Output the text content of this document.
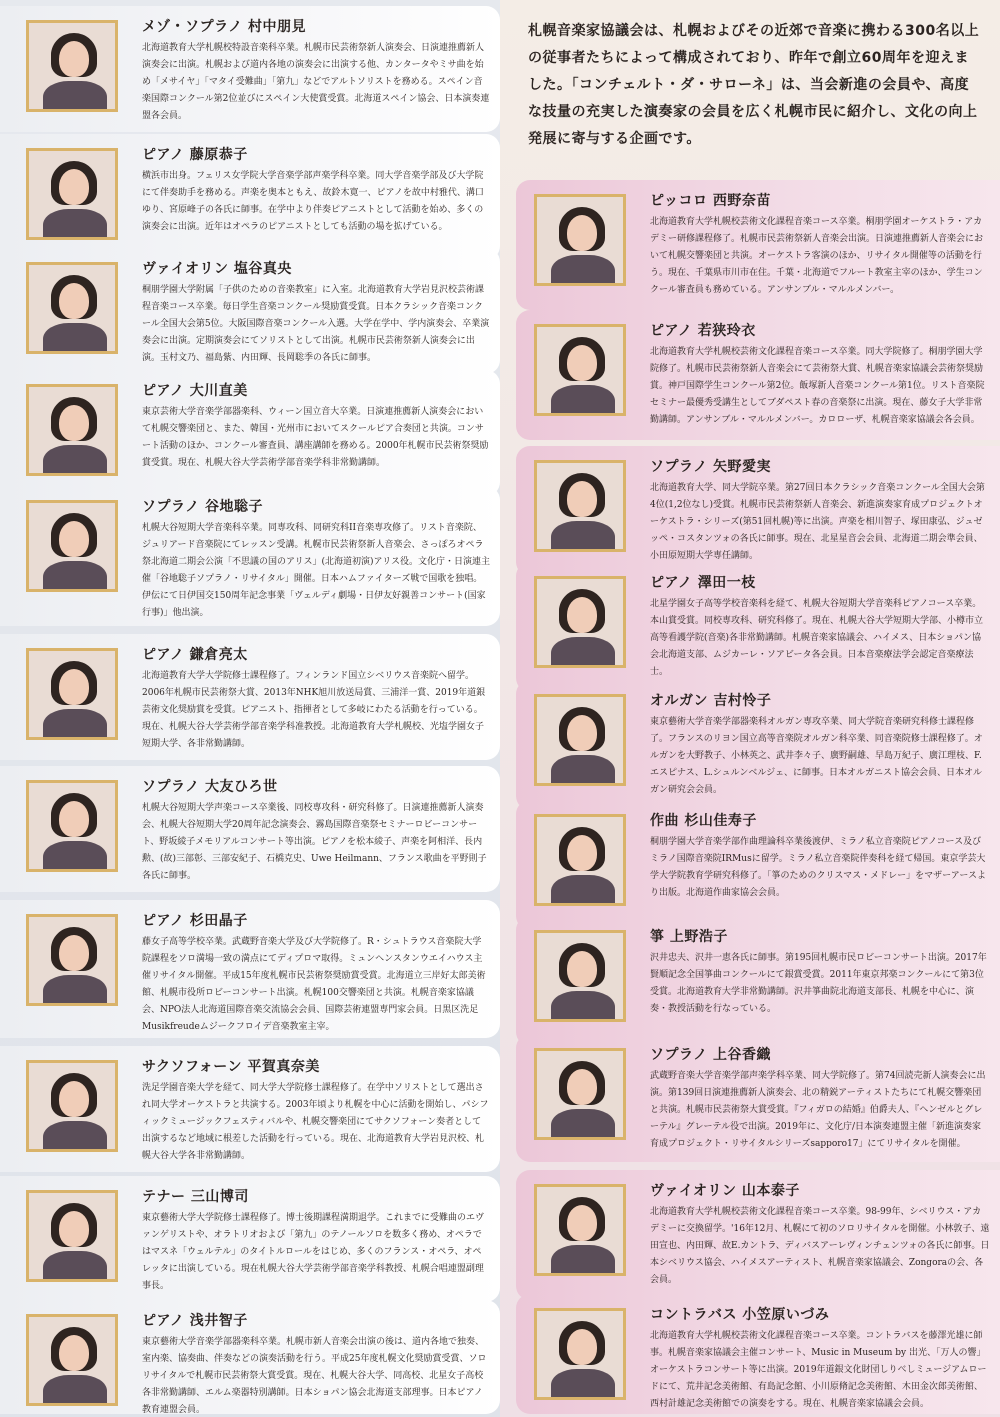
札幌音楽家協議会は、札幌およびその近郊で音楽に携わる300名以上の従事者たちによって構成されており、昨年で創立60周年を迎えました。「コンチェルト・ダ・サローネ」は、当会新進の会員や、高度な技量の充実した演奏家の会員を広く札幌市民に紹介し、文化の向上発展に寄与する企画です。
メゾ・ソプラノ 村中朋見
北海道教育大学札幌校特設音楽科卒業。札幌市民芸術祭新人演奏会、日演連推薦新人演奏会に出演。札幌および道内各地の演奏会に出演する他、カンタータやミサ曲を始め「メサイヤ」「マタイ受難曲」「第九」などでアルトソリストを務める。スペイン音楽国際コンクール第2位並びにスペイン大使賞受賞。北海道スペイン協会、日本演奏連盟各会員。
ピアノ 藤原恭子
横浜市出身。フェリス女学院大学音楽学部声楽学科卒業。同大学音楽学部及び大学院にて伴奏助手を務める。声楽を奥本ともえ、故鈴木寛一、ピアノを故中村雅代、溝口ゆり、宮原峰子の各氏に師事。在学中より伴奏ピアニストとして活動を始め、多くの演奏会に出演。近年はオペラのピアニストとしても活動の場を拡げている。
ヴァイオリン 塩谷真央
桐朋学園大学附属「子供のための音楽教室」に入室。北海道教育大学岩見沢校芸術課程音楽コース卒業。毎日学生音楽コンクール奨励賞受賞。日本クラシック音楽コンクール全国大会第5位。大阪国際音楽コンクール入選。大学在学中、学内演奏会、卒業演奏会に出演。定期演奏会にてソリストとして出演。札幌市民芸術祭新人演奏会に出演。玉村文乃、福島紫、内田輝、長岡聡季の各氏に師事。
ピアノ 大川直美
東京芸術大学音楽学部器楽科、ウィーン国立音大卒業。日演連推薦新人演奏会において札幌交響楽団と、また、韓国・光州市においてスクールピア合奏団と共演。コンサート活動のほか、コンクール審査員、講座講師を務める。2000年札幌市民芸術祭奨励賞受賞。現在、札幌大谷大学芸術学部音楽学科非常勤講師。
ソプラノ 谷地聡子
札幌大谷短期大学音楽科卒業。同専攻科、同研究科II音楽専攻修了。リスト音楽院、ジュリアード音楽院にてレッスン受講。札幌市民芸術祭新人音楽会、さっぽろオペラ祭北海道二期会公演「不思議の国のアリス」(北海道初演)アリス役。文化庁・日演連主催「谷地聡子ソプラノ・リサイタル」開催。日本ハムファイターズ戦で国歌を独唱。伊伝にて日伊国交150周年記念事業「ヴェルディ劇場・日伊友好親善コンサート(国家行事)」他出演。
ピアノ 鎌倉亮太
北海道教育大学大学院修士課程修了。フィンランド国立シベリウス音楽院へ留学。2006年札幌市民芸術祭大賞、2013年NHK旭川放送局賞、三浦洋一賞、2019年道銀芸術文化奨励賞を受賞。ピアニスト、指揮者として多岐にわたる活動を行っている。現在、札幌大谷大学芸術学部音楽学科准教授。北海道教育大学札幌校、光塩学園女子短期大学、各非常勤講師。
ソプラノ 大友ひろ世
札幌大谷短期大学声楽コース卒業後、同校専攻科・研究科修了。日演連推薦新人演奏会、札幌大谷短期大学20周年記念演奏会、霧島国際音楽祭セミナーロビーコンサート、野坂綾子メモリアルコンサート等出演。ピアノを松本綾子、声楽を阿相洋、長内勲、(故)三部彰、三部安紀子、石橋克史、Uwe Heilmann、フランス歌曲を平野則子各氏に師事。
ピアノ 杉田晶子
藤女子高等学校卒業。武蔵野音楽大学及び大学院修了。R・シュトラウス音楽院大学院課程をソロ満場一致の満点にてディプロマ取得。ミュンヘンスタンウエイハウス主催リサイタル開催。平成15年度札幌市民芸術祭奨励賞受賞。北海道立三岸好太郎美術館、札幌市役所ロビーコンサート出演。札幌100交響楽団と共演。札幌音楽家協議会、NPO法人北海道国際音楽交流協会会員、国際芸術連盟専門家会員。日黒区洗足Musikfreudeムジークフロイデ音楽教室主宰。
サクソフォーン 平賀真奈美
洗足学園音楽大学を経て、同大学大学院修士課程修了。在学中ソリストとして選出され同大学オーケストラと共演する。2003年頃より札幌を中心に活動を開始し、パシフィックミュージックフェスティバルや、札幌交響楽団にてサクソフォーン奏者として出演するなど地域に根差した活動を行っている。現在、北海道教育大学岩見沢校、札幌大谷大学各非常勤講師。
テナー 三山博司
東京藝術大学大学院修士課程修了。博士後期課程満期退学。これまでに受難曲のエヴァンゲリストや、オラトリオおよび「第九」のテノールソロを数多く務め、オペラではマスネ「ウェルテル」のタイトルロールをはじめ、多くのフランス・オペラ、オペレッタに出演している。現在札幌大谷大学芸術学部音楽学科教授、札幌合唱連盟副理事長。
ピアノ 浅井智子
東京藝術大学音楽学部器楽科卒業。札幌市新人音楽会出演の後は、道内各地で独奏、室内楽、協奏曲、伴奏などの演奏活動を行う。平成25年度札幌文化奨励賞受賞、ソロリサイタルで札幌市民芸術祭大賞受賞。現在、札幌大谷大学、同高校、北星女子高校各非常勤講師、エルム楽器特別講師。日本ショパン協会北海道支部理事。日本ピアノ教育連盟会員。
ピッコロ 西野奈苗
北海道教育大学札幌校芸術文化課程音楽コース卒業。桐朋学園オーケストラ・アカデミー研修課程修了。札幌市民芸術祭新人音楽会出演。日演連推薦新人音楽会において札幌交響楽団と共演。オーケストラ客演のほか、リサイタル開催等の活動を行う。現在、千葉県市川市在住。千葉・北海道でフルート教室主宰のほか、学生コンクール審査員も務めている。アンサンブル・マルルメンバー。
ピアノ 若狭玲衣
北海道教育大学札幌校芸術文化課程音楽コース卒業。同大学院修了。桐朋学園大学院修了。札幌市民芸術祭新人音楽会にて芸術祭大賞、札幌音楽家協議会芸術祭奨励賞。神戸国際学生コンクール第2位。飯塚新人音楽コンクール第1位。リスト音楽院セミナー最優秀受講生としてブダペスト春の音楽祭に出演。現在、藤女子大学非常勤講師。アンサンブル・マルルメンバー。カロローザ、札幌音楽家協議会各会員。
ソプラノ 矢野愛実
北海道教育大学、同大学院卒業。第27回日本クラシック音楽コンクール全国大会第4位(1,2位なし)受賞。札幌市民芸術祭新人音楽会、新進演奏家育成プロジェクトオーケストラ・シリーズ(第51回札幌)等に出演。声楽を相川智子、塚田康弘、ジュゼッペ・コスタンツォの各氏に師事。現在、北星星音会会員、北海道二期会準会員、小田原短期大学専任講師。
ピアノ 澤田一枝
北星学園女子高等学校音楽科を経て、札幌大谷短期大学音楽科ピアノコース卒業。本山賞受賞。同校専攻科、研究科修了。現在、札幌大谷大学短期大学部、小樽市立高等看護学院(音楽)各非常勤講師。札幌音楽家協議会、ハイメス、日本ショパン協会北海道支部、ムジカーレ・ソアビータ各会員。日本音楽療法学会認定音楽療法士。
オルガン 吉村怜子
東京藝術大学音楽学部器楽科オルガン専攻卒業、同大学院音楽研究科修士課程修了。フランスのリヨン国立高等音楽院オルガン科卒業、同音楽院修士課程修了。オルガンを大野教子、小林英之、武井李々子、廣野嗣雄、早島万紀子、廣江理枝、F.エスピナス、L.シュルンベルジェ、に師事。日本オルガニスト協会会員、日本オルガン研究会会員。
作曲 杉山佳寿子
桐朋学園大学音楽学部作曲理論科卒業後渡伊、ミラノ私立音楽院ピアノコース及びミラノ国際音楽院IRMusに留学。ミラノ私立音楽院伴奏科を経て帰国。東京学芸大学大学院教育学研究科修了。「箏のためのクリスマス・メドレー」をマザーアースより出版。北海道作曲家協会会員。
箏 上野浩子
沢井忠夫、沢井一恵各氏に師事。第195回札幌市民ロビーコンサート出演。2017年賢順記念全国箏曲コンクールにて銀賞受賞。2011年東京邦楽コンクールにて第3位受賞。北海道教育大学非常勤講師。沢井箏曲院北海道支部長、札幌を中心に、演奏・教授活動を行なっている。
ソプラノ 上谷香織
武蔵野音楽大学音楽学部声楽学科卒業、同大学院修了。第74回読売新人演奏会に出演。第139回日演連推薦新人演奏会、北の精鋭アーティストたちにて札幌交響楽団と共演。札幌市民芸術祭大賞受賞。『フィガロの結婚』伯爵夫人、『ヘンゼルとグレーテル』グレーテル役で出演。2019年に、文化庁/日本演奏連盟主催「新進演奏家育成プロジェクト・リサイタルシリーズsapporo17」にてリサイタルを開催。
ヴァイオリン 山本泰子
北海道教育大学札幌校芸術文化課程音楽コース卒業。98-99年、シベリウス・アカデミーに交換留学。'16年12月、札幌にて初のソロリサイタルを開催。小林敦子、遠田宣也、内田輝、故E.カントラ、ディバスアーレヴィンチェンツォの各氏に師事。日本シベリウス協会、ハイメスアーティスト、札幌音楽家協議会、Zongoraの会、各会員。
コントラバス 小笠原いづみ
北海道教育大学札幌校芸術文化課程音楽コース卒業。コントラバスを藤澤光雄に師事。札幌音楽家協議会主催コンサート、Music in Museum by 出光、「万人の響」オーケストラコンサート等に出演。2019年道銀文化財団しりべしミュージアムロードにて、荒井記念美術館、有島記念館、小川原脩記念美術館、木田金次郎美術館、西村計雄記念美術館での演奏をする。現在、札幌音楽家協議会会員。
